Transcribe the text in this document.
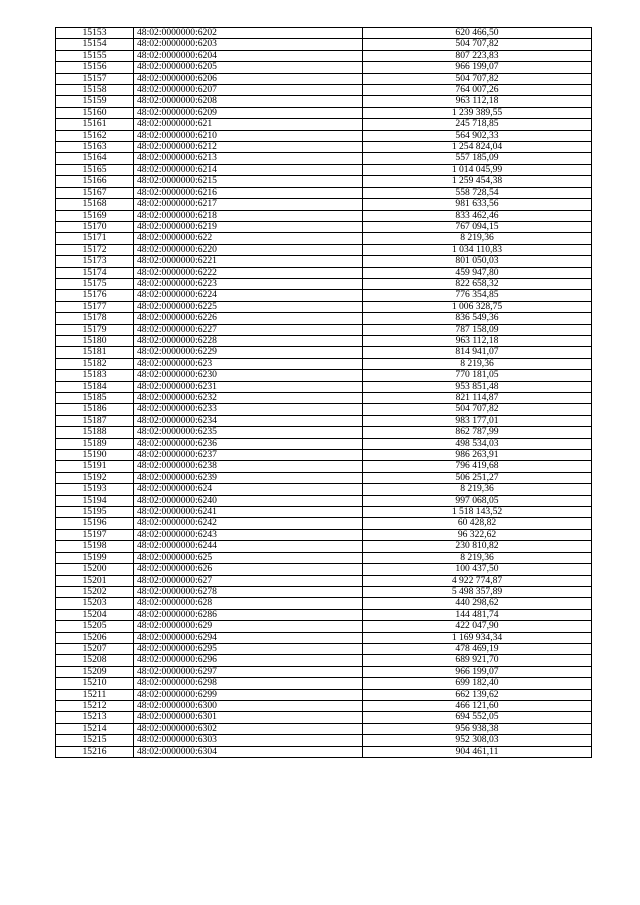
15153	48:02:0000000:6202	620 466,50
15154	48:02:0000000:6203	504 707,82
15155	48:02:0000000:6204	807 223,83
15156	48:02:0000000:6205	966 199,07
15157	48:02:0000000:6206	504 707,82
15158	48:02:0000000:6207	764 007,26
15159	48:02:0000000:6208	963 112,18
15160	48:02:0000000:6209	1 239 389,55
15161	48:02:0000000:621	245 718,85
15162	48:02:0000000:6210	564 902,33
15163	48:02:0000000:6212	1 254 824,04
15164	48:02:0000000:6213	557 185,09
15165	48:02:0000000:6214	1 014 045,99
15166	48:02:0000000:6215	1 259 454,38
15167	48:02:0000000:6216	558 728,54
15168	48:02:0000000:6217	981 633,56
15169	48:02:0000000:6218	833 462,46
15170	48:02:0000000:6219	767 094,15
15171	48:02:0000000:622	8 219,36
15172	48:02:0000000:6220	1 034 110,83
15173	48:02:0000000:6221	801 050,03
15174	48:02:0000000:6222	459 947,80
15175	48:02:0000000:6223	822 658,32
15176	48:02:0000000:6224	776 354,85
15177	48:02:0000000:6225	1 006 328,75
15178	48:02:0000000:6226	836 549,36
15179	48:02:0000000:6227	787 158,09
15180	48:02:0000000:6228	963 112,18
15181	48:02:0000000:6229	814 941,07
15182	48:02:0000000:623	8 219,36
15183	48:02:0000000:6230	770 181,05
15184	48:02:0000000:6231	953 851,48
15185	48:02:0000000:6232	821 114,87
15186	48:02:0000000:6233	504 707,82
15187	48:02:0000000:6234	983 177,01
15188	48:02:0000000:6235	862 787,99
15189	48:02:0000000:6236	498 534,03
15190	48:02:0000000:6237	986 263,91
15191	48:02:0000000:6238	796 419,68
15192	48:02:0000000:6239	506 251,27
15193	48:02:0000000:624	8 219,36
15194	48:02:0000000:6240	997 068,05
15195	48:02:0000000:6241	1 518 143,52
15196	48:02:0000000:6242	60 428,82
15197	48:02:0000000:6243	96 322,62
15198	48:02:0000000:6244	230 810,82
15199	48:02:0000000:625	8 219,36
15200	48:02:0000000:626	100 437,50
15201	48:02:0000000:627	4 922 774,87
15202	48:02:0000000:6278	5 498 357,89
15203	48:02:0000000:628	440 298,62
15204	48:02:0000000:6286	144 481,74
15205	48:02:0000000:629	422 047,90
15206	48:02:0000000:6294	1 169 934,34
15207	48:02:0000000:6295	478 469,19
15208	48:02:0000000:6296	689 921,70
15209	48:02:0000000:6297	966 199,07
15210	48:02:0000000:6298	699 182,40
15211	48:02:0000000:6299	662 139,62
15212	48:02:0000000:6300	466 121,60
15213	48:02:0000000:6301	694 552,05
15214	48:02:0000000:6302	956 938,38
15215	48:02:0000000:6303	952 308,03
15216	48:02:0000000:6304	904 461,11
